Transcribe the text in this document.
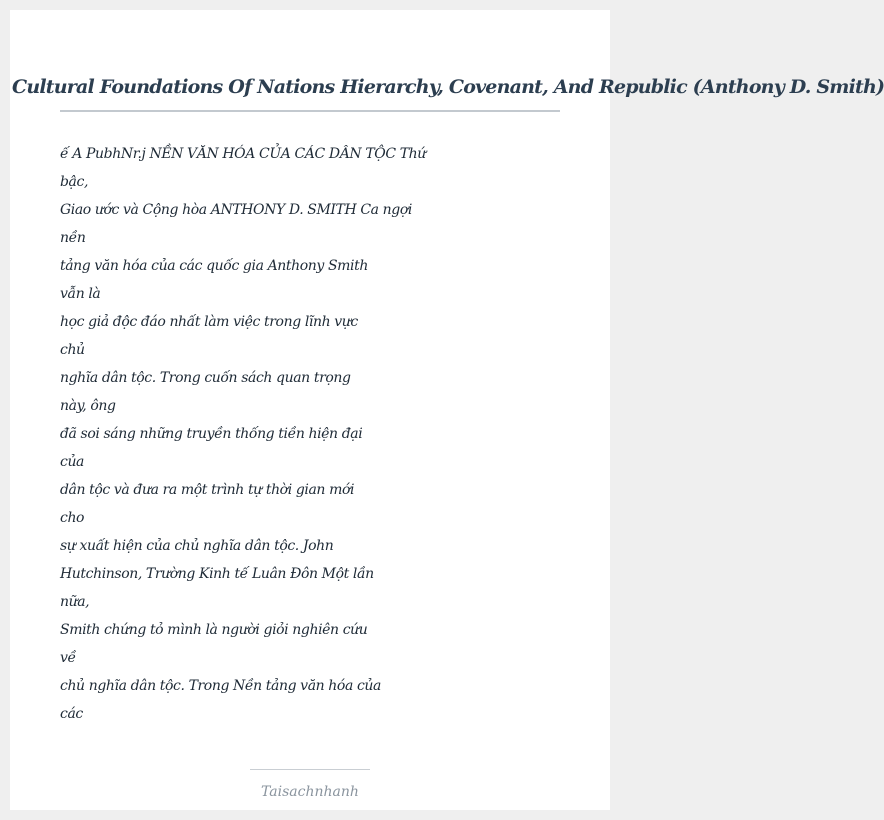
Cultural Foundations Of Nations Hierarchy, Covenant, And Republic (Anthony D. Smith)
ế A PubhNr.j NỀN VĂN HÓA CỦA CÁC DÂN TỘC Thứ
bậc,
Giao ước và Cộng hòa ANTHONY D. SMITH Ca ngợi
nền
tảng văn hóa của các quốc gia Anthony Smith
vẫn là
học giả độc đáo nhất làm việc trong lĩnh vực
chủ
nghĩa dân tộc. Trong cuốn sách quan trọng
này, ông
đã soi sáng những truyền thống tiền hiện đại
của
dân tộc và đưa ra một trình tự thời gian mới
cho
sự xuất hiện của chủ nghĩa dân tộc. John
Hutchinson, Trường Kinh tế Luân Đôn Một lần
nữa,
Smith chứng tỏ mình là người giỏi nghiên cứu
về
chủ nghĩa dân tộc. Trong Nền tảng văn hóa của
các
Taisachnhanh
